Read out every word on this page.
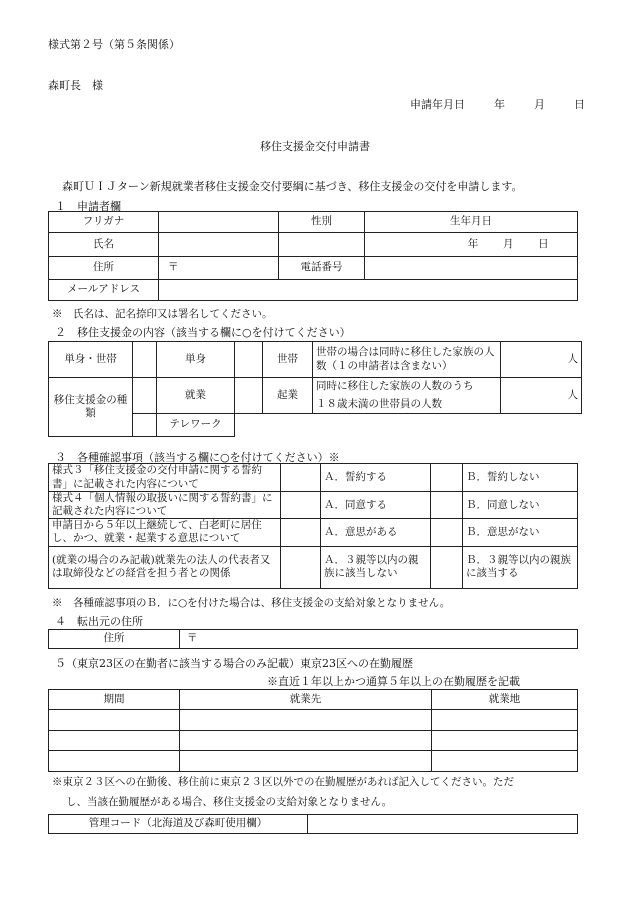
様式第２号（第５条関係）
森町長　様
申請年月日	年	月	日
移住支援金交付申請書
森町ＵＩＪターン新規就業者移住支援金交付要綱に基づき、移住支援金の交付を申請します。
１　申請者欄
フリガナ		性別	生年月日
氏名			年 月 日
住所	〒	電話番号	
メールアドレス	
※　氏名は、記名捺印又は署名してください。
２　移住支援金の内容（該当する欄に○を付けてください）
単身・世帯		単身		世帯	世帯の場合は同時に移住した家族の人数（１の申請者は含まない）	人
移住支援金の種類		就業		起業	同時に移住した家族の人数のうち
１８歳未満の世帯員の人数	人
		テレワーク				
３　各種確認事項（該当する欄に○を付けてください）※
様式３「移住支援金の交付申請に関する誓約書」に記載された内容について		Ａ．誓約する		Ｂ．誓約しない
様式４「個人情報の取扱いに関する誓約書」に記載された内容について		Ａ．同意する		Ｂ．同意しない
申請日から５年以上継続して、白老町に居住し、かつ、就業・起業する意思について		Ａ．意思がある		Ｂ．意思がない
(就業の場合のみ記載)就業先の法人の代表者又は取締役などの経営を担う者との関係		Ａ．３親等以内の親族に該当しない		Ｂ．３親等以内の親族に該当する
※　各種確認事項のＢ．に○を付けた場合は、移住支援金の支給対象となりません。
４　転出元の住所
住所	〒
５（東京23区の在勤者に該当する場合のみ記載）東京23区への在勤履歴
※直近１年以上かつ通算５年以上の在勤履歴を記載
期間	就業先	就業地

※東京２３区への在勤後、移住前に東京２３区以外での在勤履歴があれば記入してください。ただ
し、当該在勤履歴がある場合、移住支援金の支給対象となりません。
管理コード（北海道及び森町使用欄）	
